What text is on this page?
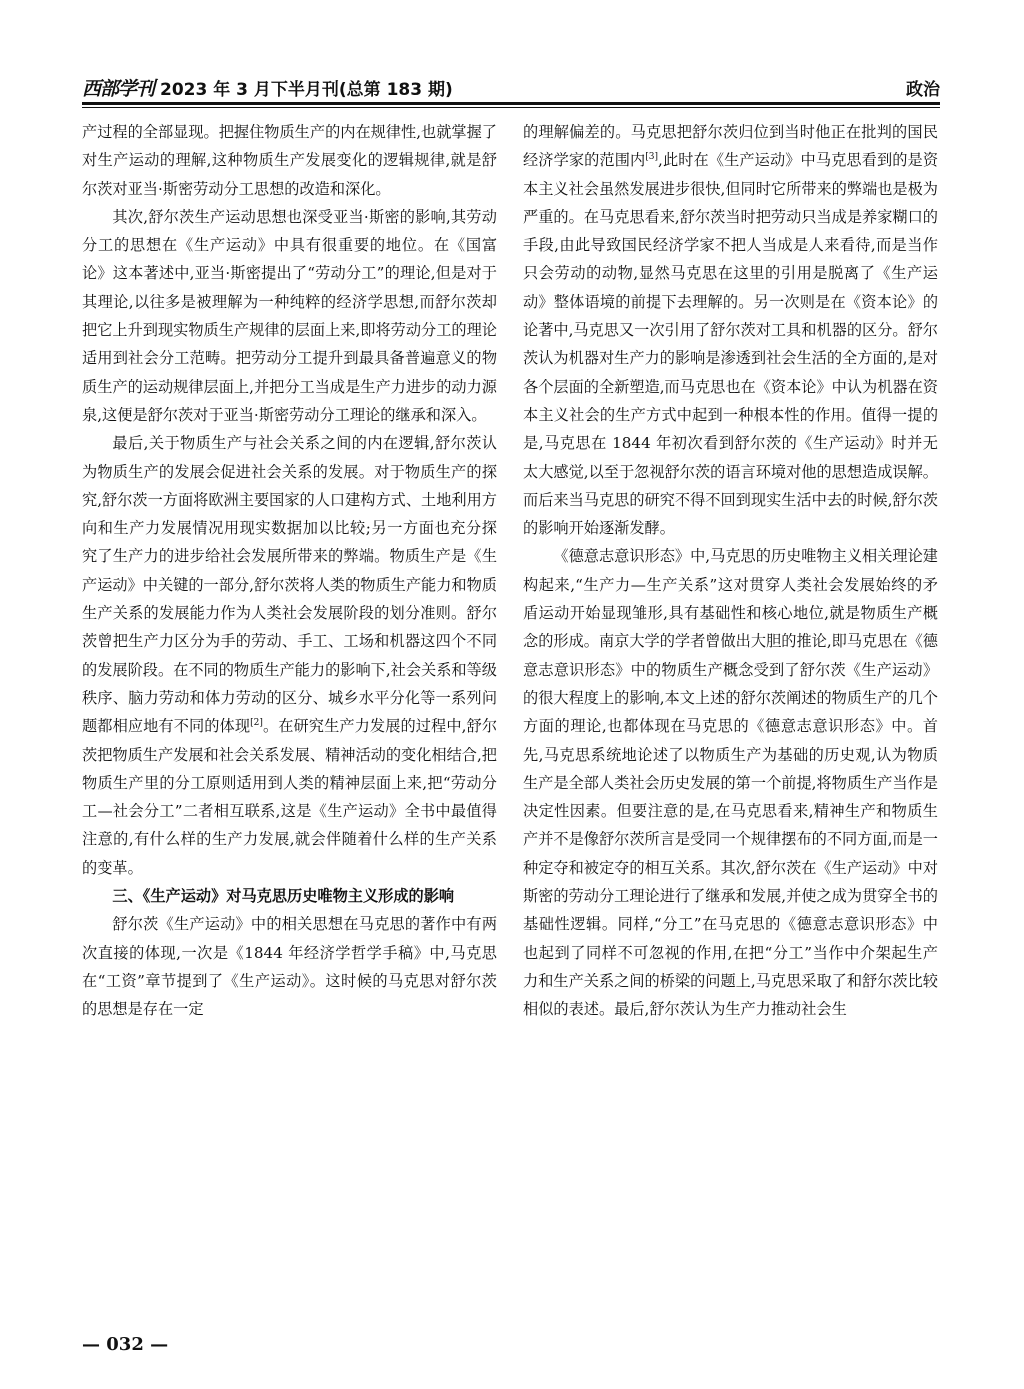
西部学刊 2023 年 3 月下半月刊(总第 183 期)	政治

产过程的全部显现。把握住物质生产的内在规律性,也就掌握了对生产运动的理解,这种物质生产发展变化的逻辑规律,就是舒尔茨对亚当·斯密劳动分工思想的改造和深化。

其次,舒尔茨生产运动思想也深受亚当·斯密的影响,其劳动分工的思想在《生产运动》中具有很重要的地位。在《国富论》这本著述中,亚当·斯密提出了“劳动分工”的理论,但是对于其理论,以往多是被理解为一种纯粹的经济学思想,而舒尔茨却把它上升到现实物质生产规律的层面上来,即将劳动分工的理论适用到社会分工范畴。把劳动分工提升到最具备普遍意义的物质生产的运动规律层面上,并把分工当成是生产力进步的动力源泉,这便是舒尔茨对于亚当·斯密劳动分工理论的继承和深入。

最后,关于物质生产与社会关系之间的内在逻辑,舒尔茨认为物质生产的发展会促进社会关系的发展。对于物质生产的探究,舒尔茨一方面将欧洲主要国家的人口建构方式、土地利用方向和生产力发展情况用现实数据加以比较;另一方面也充分探究了生产力的进步给社会发展所带来的弊端。物质生产是《生产运动》中关键的一部分,舒尔茨将人类的物质生产能力和物质生产关系的发展能力作为人类社会发展阶段的划分准则。舒尔茨曾把生产力区分为手的劳动、手工、工场和机器这四个不同的发展阶段。在不同的物质生产能力的影响下,社会关系和等级秩序、脑力劳动和体力劳动的区分、城乡水平分化等一系列问题都相应地有不同的体现[2]。在研究生产力发展的过程中,舒尔茨把物质生产发展和社会关系发展、精神活动的变化相结合,把物质生产里的分工原则适用到人类的精神层面上来,把“劳动分工—社会分工”二者相互联系,这是《生产运动》全书中最值得注意的,有什么样的生产力发展,就会伴随着什么样的生产关系的变革。

三、《生产运动》对马克思历史唯物主义形成的影响

舒尔茨《生产运动》中的相关思想在马克思的著作中有两次直接的体现,一次是《1844 年经济学哲学手稿》中,马克思在“工资”章节提到了《生产运动》。这时候的马克思对舒尔茨的思想是存在一定

的理解偏差的。马克思把舒尔茨归位到当时他正在批判的国民经济学家的范围内[3],此时在《生产运动》中马克思看到的是资本主义社会虽然发展进步很快,但同时它所带来的弊端也是极为严重的。在马克思看来,舒尔茨当时把劳动只当成是养家糊口的手段,由此导致国民经济学家不把人当成是人来看待,而是当作只会劳动的动物,显然马克思在这里的引用是脱离了《生产运动》整体语境的前提下去理解的。另一次则是在《资本论》的论著中,马克思又一次引用了舒尔茨对工具和机器的区分。舒尔茨认为机器对生产力的影响是渗透到社会生活的全方面的,是对各个层面的全新塑造,而马克思也在《资本论》中认为机器在资本主义社会的生产方式中起到一种根本性的作用。值得一提的是,马克思在 1844 年初次看到舒尔茨的《生产运动》时并无太大感觉,以至于忽视舒尔茨的语言环境对他的思想造成误解。而后来当马克思的研究不得不回到现实生活中去的时候,舒尔茨的影响开始逐渐发酵。

《德意志意识形态》中,马克思的历史唯物主义相关理论建构起来,“生产力—生产关系”这对贯穿人类社会发展始终的矛盾运动开始显现雏形,具有基础性和核心地位,就是物质生产概念的形成。南京大学的学者曾做出大胆的推论,即马克思在《德意志意识形态》中的物质生产概念受到了舒尔茨《生产运动》的很大程度上的影响,本文上述的舒尔茨阐述的物质生产的几个方面的理论,也都体现在马克思的《德意志意识形态》中。首先,马克思系统地论述了以物质生产为基础的历史观,认为物质生产是全部人类社会历史发展的第一个前提,将物质生产当作是决定性因素。但要注意的是,在马克思看来,精神生产和物质生产并不是像舒尔茨所言是受同一个规律摆布的不同方面,而是一种定夺和被定夺的相互关系。其次,舒尔茨在《生产运动》中对斯密的劳动分工理论进行了继承和发展,并使之成为贯穿全书的基础性逻辑。同样,“分工”在马克思的《德意志意识形态》中也起到了同样不可忽视的作用,在把“分工”当作中介架起生产力和生产关系之间的桥梁的问题上,马克思采取了和舒尔茨比较相似的表述。最后,舒尔茨认为生产力推动社会生

— 032 —
